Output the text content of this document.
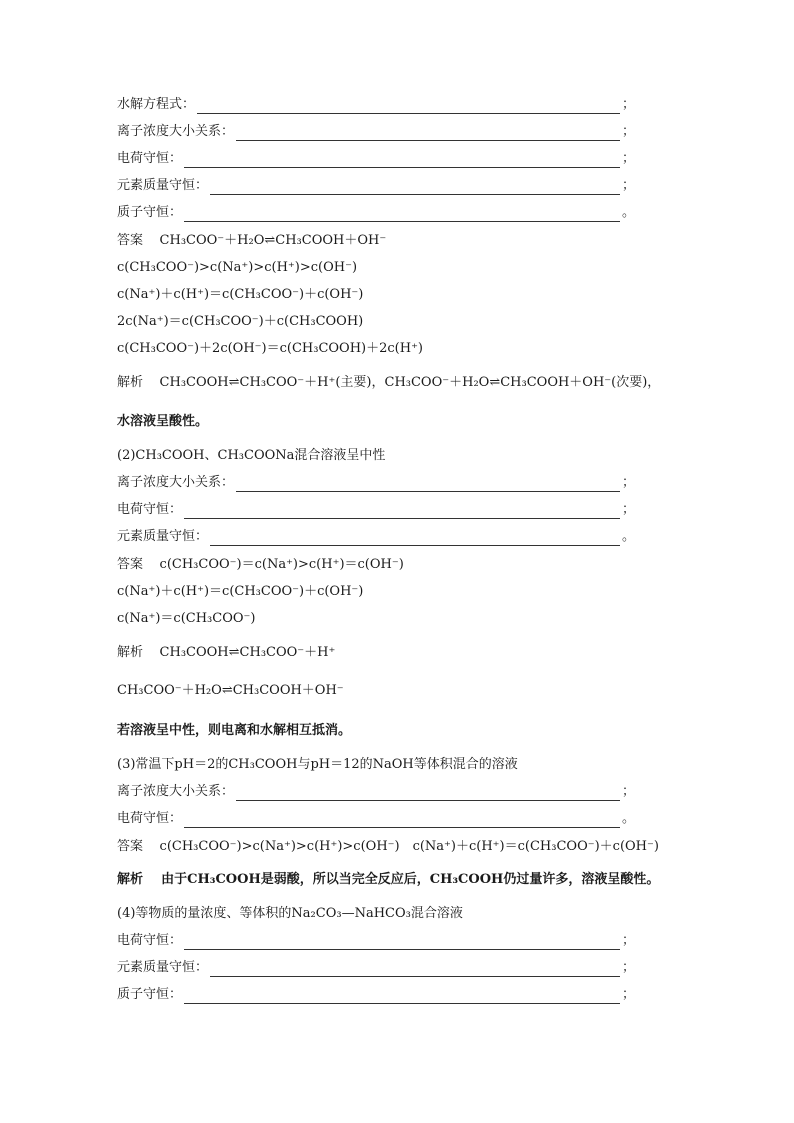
水解方程式：	；
离子浓度大小关系：	；
电荷守恒：	；
元素质量守恒：	；
质子守恒：	。
答案 CH₃COO⁻＋H₂O⇌CH₃COOH＋OH⁻
c(CH₃COO⁻)>c(Na⁺)>c(H⁺)>c(OH⁻)
c(Na⁺)＋c(H⁺)＝c(CH₃COO⁻)＋c(OH⁻)
2c(Na⁺)＝c(CH₃COO⁻)＋c(CH₃COOH)
c(CH₃COO⁻)＋2c(OH⁻)＝c(CH₃COOH)＋2c(H⁺)
解析 CH₃COOH⇌CH₃COO⁻＋H⁺(主要)，CH₃COO⁻＋H₂O⇌CH₃COOH＋OH⁻(次要)，
水溶液呈酸性。
(2)CH₃COOH、CH₃COONa混合溶液呈中性
离子浓度大小关系：	；
电荷守恒：	；
元素质量守恒：	。
答案 c(CH₃COO⁻)＝c(Na⁺)>c(H⁺)＝c(OH⁻)
c(Na⁺)＋c(H⁺)＝c(CH₃COO⁻)＋c(OH⁻)
c(Na⁺)＝c(CH₃COO⁻)
解析 CH₃COOH⇌CH₃COO⁻＋H⁺
CH₃COO⁻＋H₂O⇌CH₃COOH＋OH⁻
若溶液呈中性，则电离和水解相互抵消。
(3)常温下pH＝2的CH₃COOH与pH＝12的NaOH等体积混合的溶液
离子浓度大小关系：	；
电荷守恒：	。
答案 c(CH₃COO⁻)>c(Na⁺)>c(H⁺)>c(OH⁻)　c(Na⁺)＋c(H⁺)＝c(CH₃COO⁻)＋c(OH⁻)
解析 由于CH₃COOH是弱酸，所以当完全反应后，CH₃COOH仍过量许多，溶液呈酸性。
(4)等物质的量浓度、等体积的Na₂CO₃—NaHCO₃混合溶液
电荷守恒：	；
元素质量守恒：	；
质子守恒：	；
